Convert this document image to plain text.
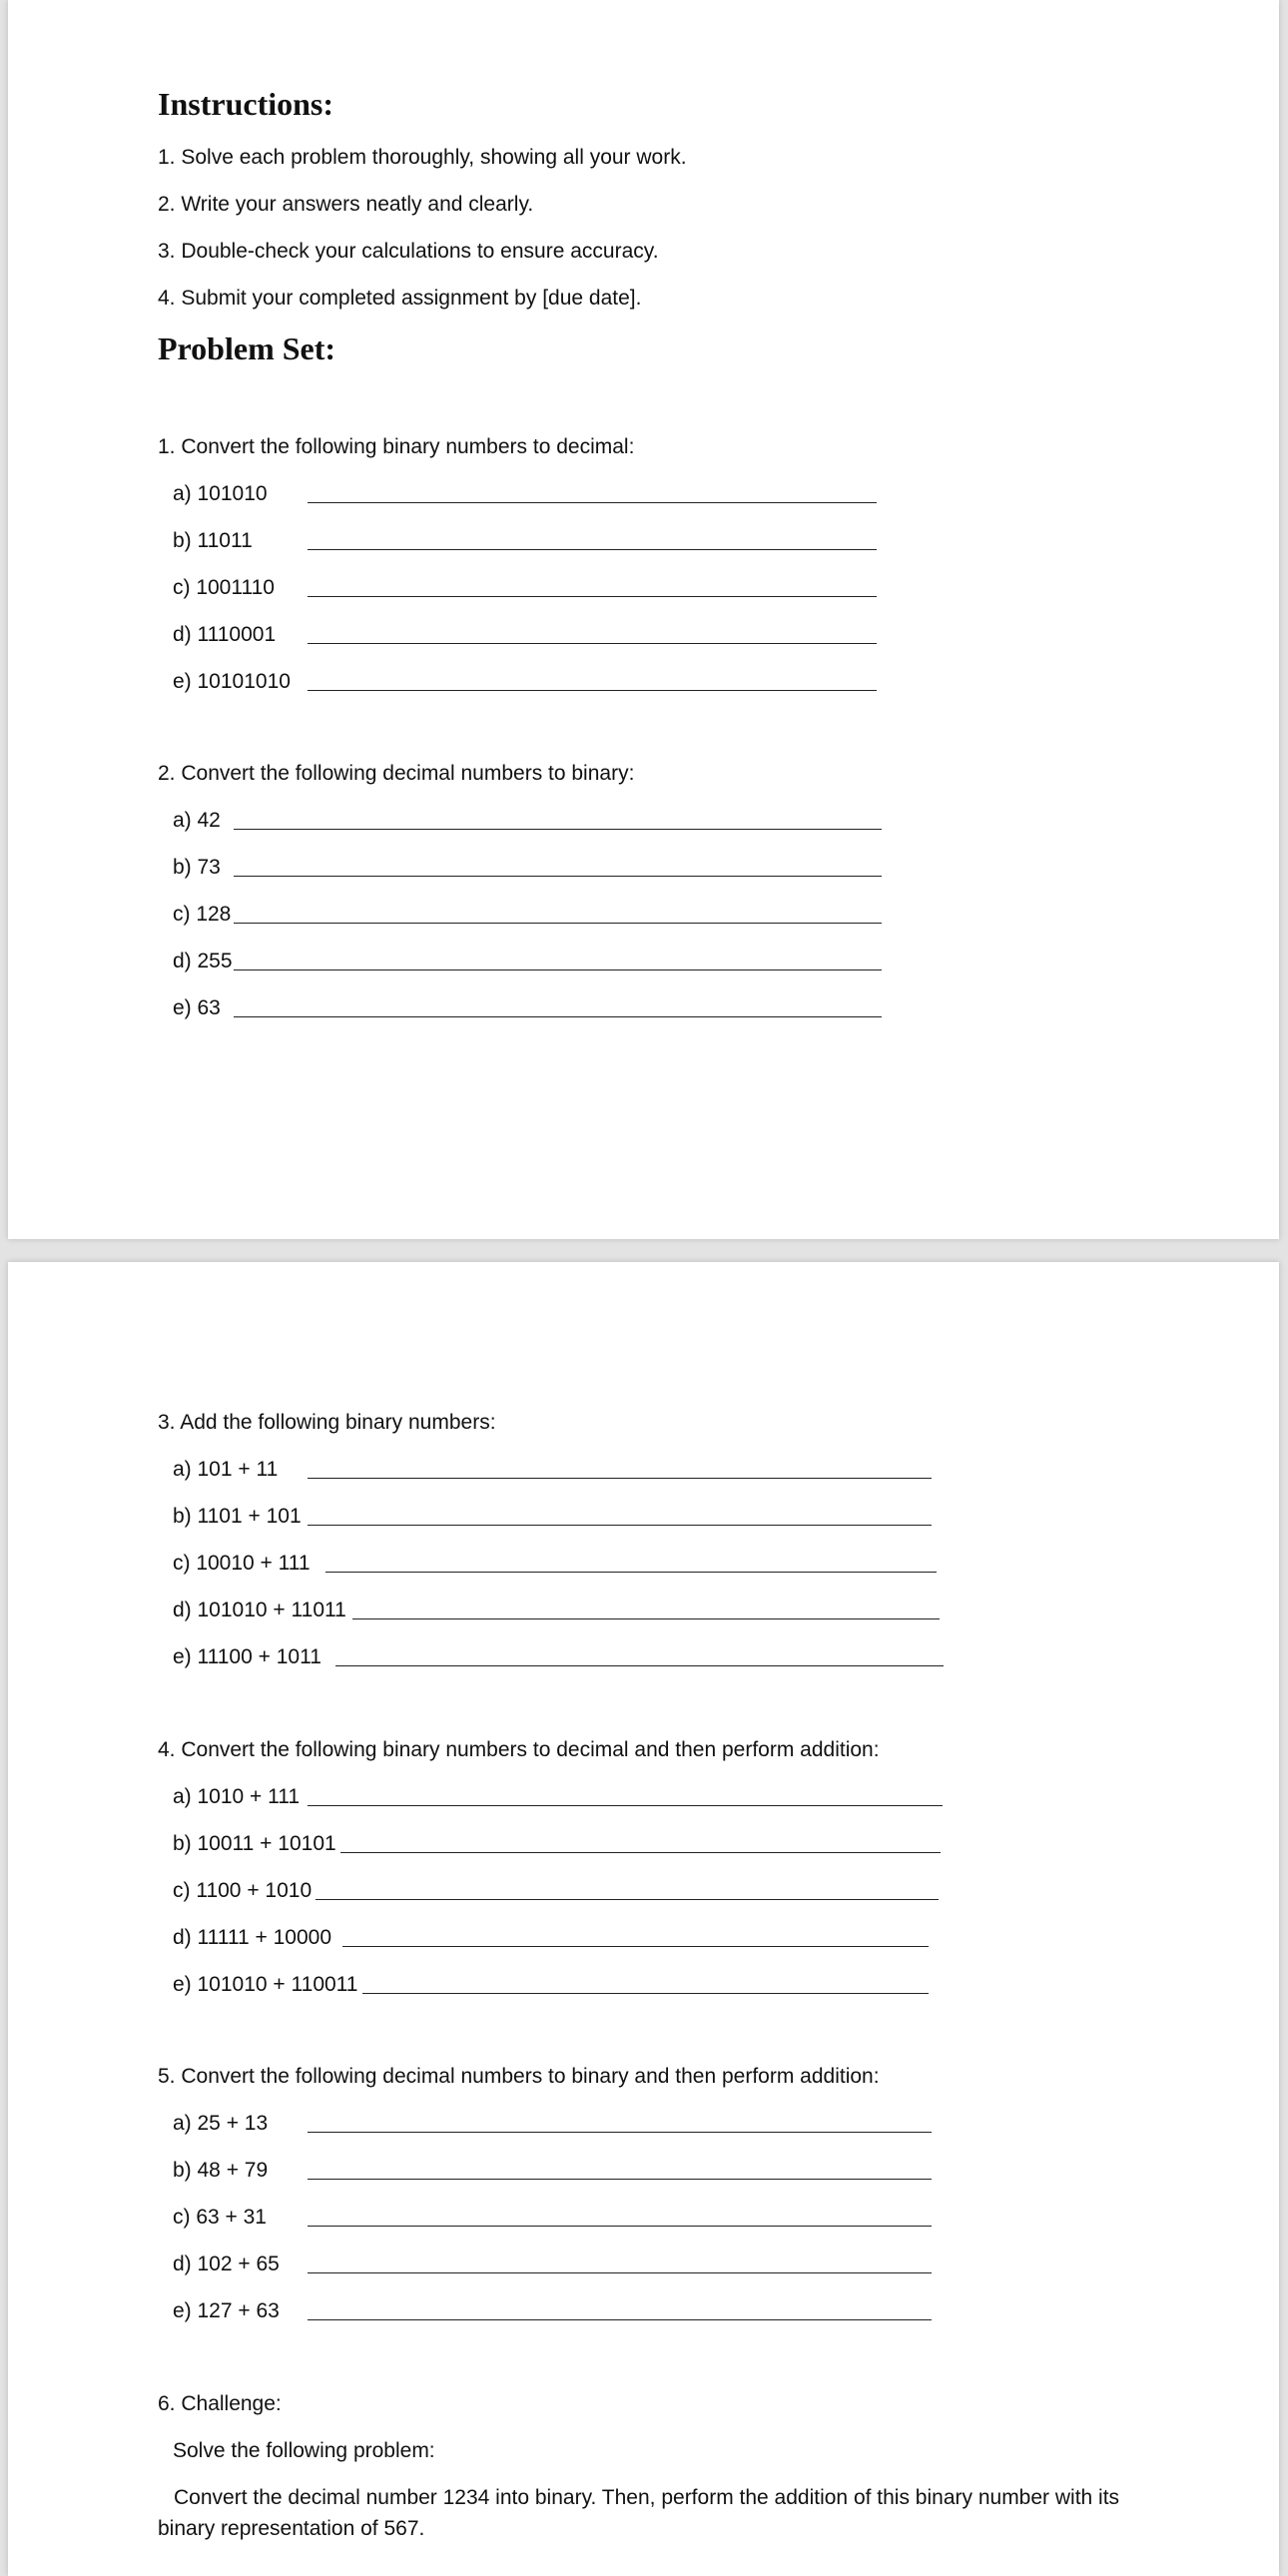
Instructions:
1. Solve each problem thoroughly, showing all your work.
2. Write your answers neatly and clearly.
3. Double-check your calculations to ensure accuracy.
4. Submit your completed assignment by [due date].
Problem Set:
1. Convert the following binary numbers to decimal:
a) 101010
b) 11011
c) 1001110
d) 1110001
e) 10101010
2. Convert the following decimal numbers to binary:
a) 42
b) 73
c) 128
d) 255
e) 63
3. Add the following binary numbers:
a) 101 + 11
b) 1101 + 101
c) 10010 + 111
d) 101010 + 11011
e) 11100 + 1011
4. Convert the following binary numbers to decimal and then perform addition:
a) 1010 + 111
b) 10011 + 10101
c) 1100 + 1010
d) 11111 + 10000
e) 101010 + 110011
5. Convert the following decimal numbers to binary and then perform addition:
a) 25 + 13
b) 48 + 79
c) 63 + 31
d) 102 + 65
e) 127 + 63
6. Challenge:
Solve the following problem:

Convert the decimal number 1234 into binary. Then, perform the addition of this binary number with its binary representation of 567.
